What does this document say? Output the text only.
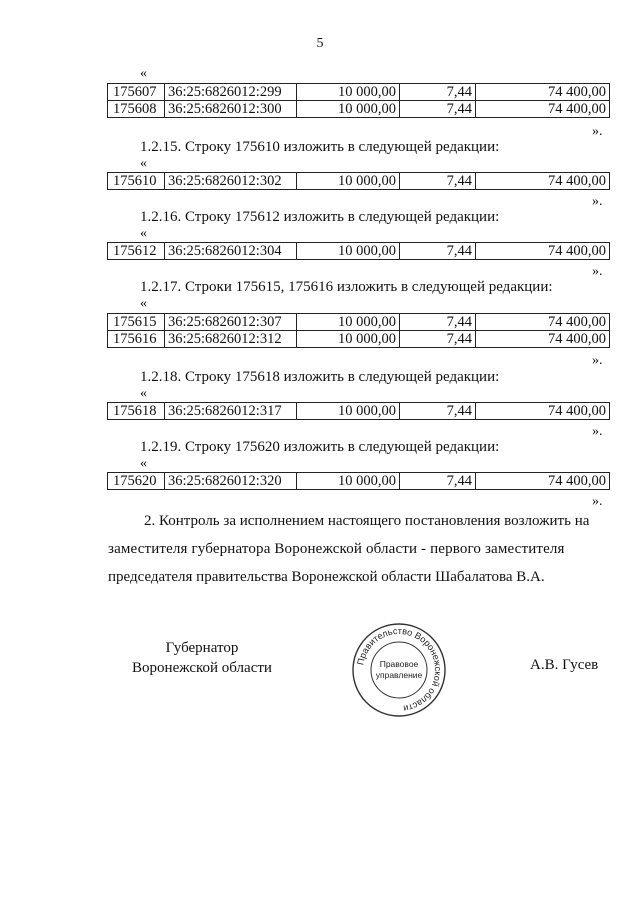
5
«
175607	36:25:6826012:299	10 000,00	7,44	74 400,00
175608	36:25:6826012:300	10 000,00	7,44	74 400,00
».
1.2.15. Строку 175610 изложить в следующей редакции:
«
175610	36:25:6826012:302	10 000,00	7,44	74 400,00
».
1.2.16. Строку 175612 изложить в следующей редакции:
«
175612	36:25:6826012:304	10 000,00	7,44	74 400,00
».
1.2.17. Строки 175615, 175616 изложить в следующей редакции:
«
175615	36:25:6826012:307	10 000,00	7,44	74 400,00
175616	36:25:6826012:312	10 000,00	7,44	74 400,00
».
1.2.18. Строку 175618 изложить в следующей редакции:
«
175618	36:25:6826012:317	10 000,00	7,44	74 400,00
».
1.2.19. Строку 175620 изложить в следующей редакции:
«
175620	36:25:6826012:320	10 000,00	7,44	74 400,00
».
2. Контроль за исполнением настоящего постановления возложить на
заместителя губернатора Воронежской области - первого заместителя
председателя правительства Воронежской области Шабалатова В.А.
Губернатор
Воронежской области	А.В. Гусев
Правительство Воронежской области
Правовое
управление
